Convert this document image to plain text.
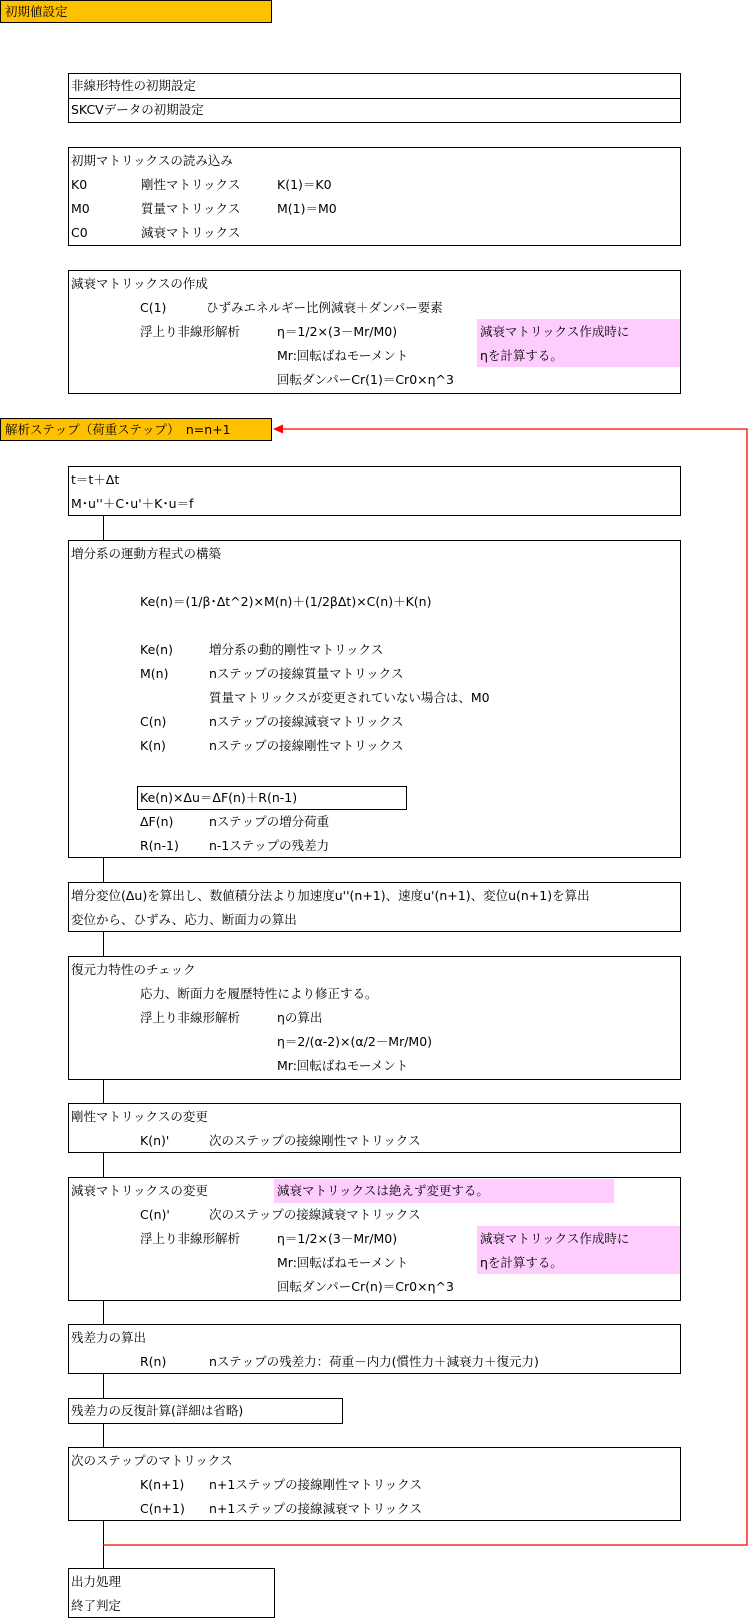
初期値設定
非線形特性の初期設定
SKCVデータの初期設定
初期マトリックスの読み込み
K0	剛性マトリックス	K(1)＝K0
M0	質量マトリックス	M(1)＝M0
C0	減衰マトリックス
減衰マトリックスの作成
C(1)	ひずみエネルギー比例減衰＋ダンパー要素
浮上り非線形解析	η＝1/2×(3－Mr/M0)	減衰マトリックス作成時に
Mr:回転ばねモーメント	ηを計算する。
回転ダンパーCr(1)＝Cr0×η^3
解析ステップ（荷重ステップ）　n=n+1
t＝t＋Δt
M･u''＋C･u'＋K･u＝f
増分系の運動方程式の構築
Ke(n)＝(1/β･Δt^2)×M(n)＋(1/2βΔt)×C(n)＋K(n)
Ke(n)	増分系の動的剛性マトリックス
M(n)	nステップの接線質量マトリックス
質量マトリックスが変更されていない場合は、M0
C(n)	nステップの接線減衰マトリックス
K(n)	nステップの接線剛性マトリックス
Ke(n)×Δu＝ΔF(n)＋R(n-1)
ΔF(n)	nステップの増分荷重
R(n-1) n-1ステップの残差力
増分変位(Δu)を算出し、数値積分法より加速度u''(n+1)、速度u'(n+1)、変位u(n+1)を算出
変位から、ひずみ、応力、断面力の算出
復元力特性のチェック
応力、断面力を履歴特性により修正する。
浮上り非線形解析	ηの算出
η＝2/(α-2)×(α/2－Mr/M0)
Mr:回転ばねモーメント
剛性マトリックスの変更
K(n)'	次のステップの接線剛性マトリックス
減衰マトリックスの変更	減衰マトリックスは絶えず変更する。
C(n)'	次のステップの接線減衰マトリックス
浮上り非線形解析	η＝1/2×(3－Mr/M0)	減衰マトリックス作成時に
Mr:回転ばねモーメント	ηを計算する。
回転ダンパーCr(n)＝Cr0×η^3
残差力の算出
R(n)	nステップの残差力：荷重－内力(慣性力＋減衰力＋復元力)
残差力の反復計算(詳細は省略)
次のステップのマトリックス
K(n+1) n+1ステップの接線剛性マトリックス
C(n+1) n+1ステップの接線減衰マトリックス
出力処理
終了判定
